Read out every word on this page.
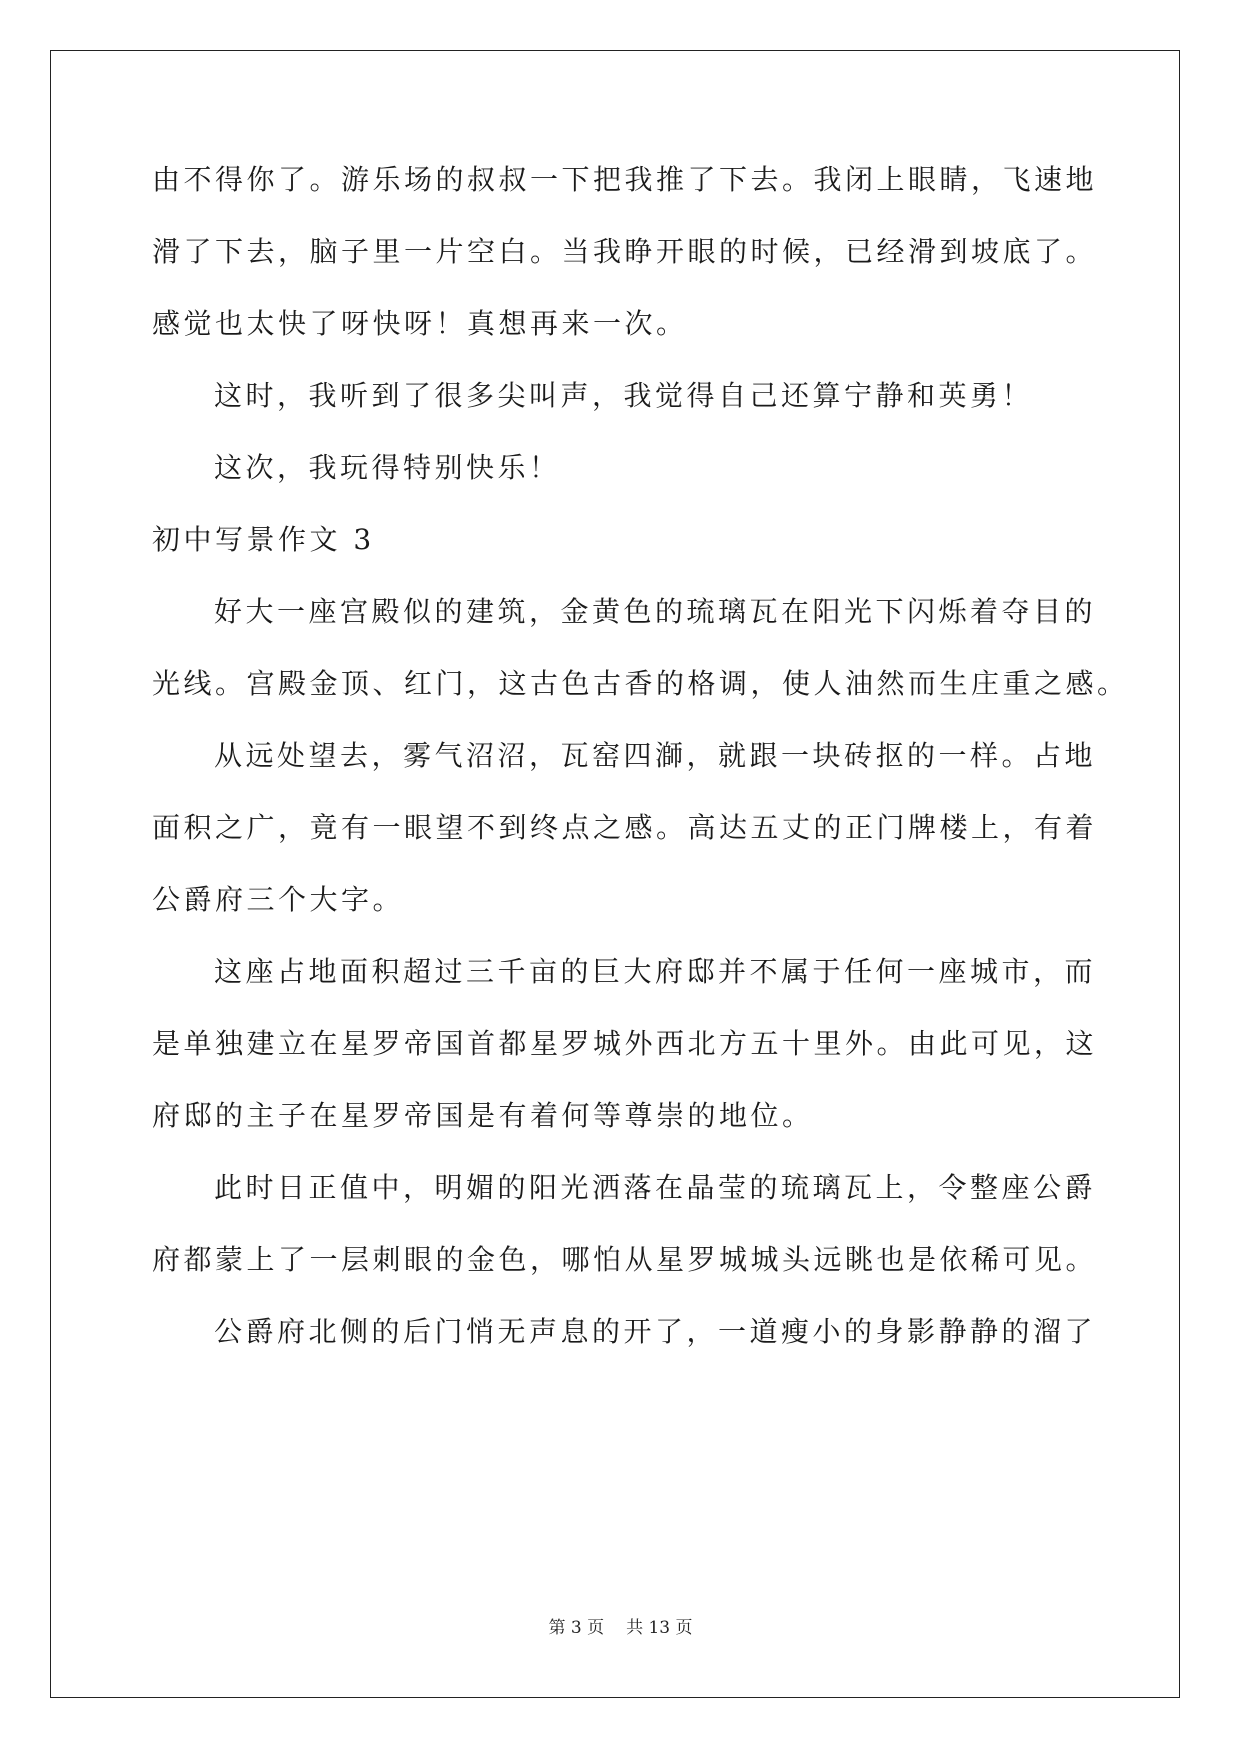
由不得你了。游乐场的叔叔一下把我推了下去。我闭上眼睛，飞速地
滑了下去，脑子里一片空白。当我睁开眼的时候，已经滑到坡底了。
感觉也太快了呀快呀！真想再来一次。
这时，我听到了很多尖叫声，我觉得自己还算宁静和英勇！
这次，我玩得特别快乐！
初中写景作文 3
好大一座宫殿似的建筑，金黄色的琉璃瓦在阳光下闪烁着夺目的
光线。宫殿金顶、红门，这古色古香的格调，使人油然而生庄重之感。
从远处望去，雾气沼沼，瓦窑四溮，就跟一块砖抠的一样。占地
面积之广，竟有一眼望不到终点之感。高达五丈的正门牌楼上，有着
公爵府三个大字。
这座占地面积超过三千亩的巨大府邸并不属于任何一座城市，而
是单独建立在星罗帝国首都星罗城外西北方五十里外。由此可见，这
府邸的主子在星罗帝国是有着何等尊崇的地位。
此时日正值中，明媚的阳光洒落在晶莹的琉璃瓦上，令整座公爵
府都蒙上了一层刺眼的金色，哪怕从星罗城城头远眺也是依稀可见。
公爵府北侧的后门悄无声息的开了，一道瘦小的身影静静的溜了
第 3 页 共 13 页
